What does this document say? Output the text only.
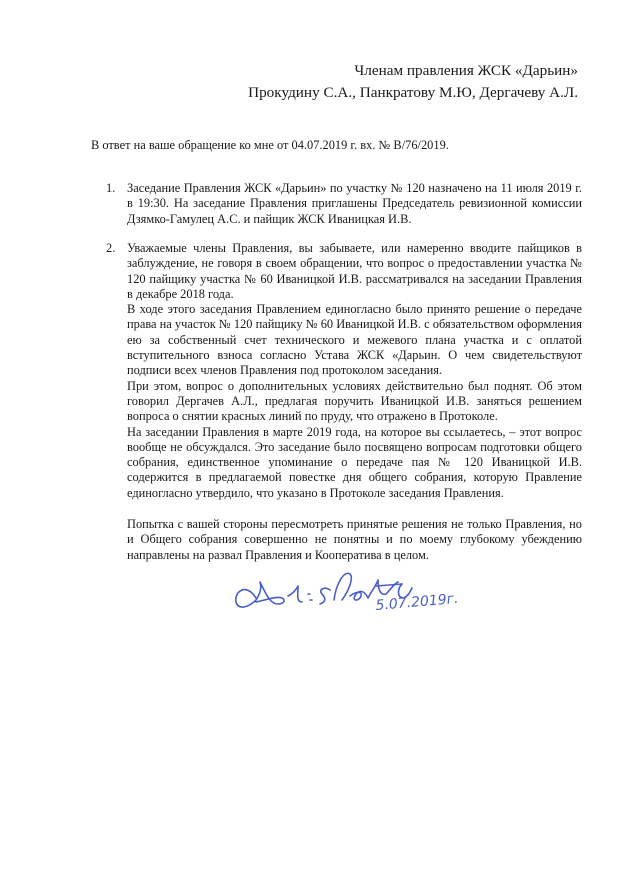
Членам правления ЖСК «Дарьин»
Прокудину С.А., Панкратову М.Ю, Дергачеву А.Л.
В ответ на ваше обращение ко мне от 04.07.2019 г. вх. № В/76/2019.
1. Заседание Правления ЖСК «Дарьин» по участку № 120 назначено на 11 июля 2019 г. в 19:30. На заседание Правления приглашены Председатель ревизионной комиссии Дзямко-Гамулец А.С. и пайщик ЖСК Иваницкая И.В.

2. Уважаемые члены Правления, вы забываете, или намеренно вводите пайщиков в заблуждение, не говоря в своем обращении, что вопрос о предоставлении участка № 120 пайщику участка № 60 Иваницкой И.В. рассматривался на заседании Правления в декабре 2018 года.

В ходе этого заседания Правлением единогласно было принято решение о передаче права на участок № 120 пайщику № 60 Иваницкой И.В. с обязательством оформления ею за собственный счет технического и межевого плана участка и с оплатой вступительного взноса согласно Устава ЖСК «Дарьин. О чем свидетельствуют подписи всех членов Правления под протоколом заседания.

При этом, вопрос о дополнительных условиях действительно был поднят. Об этом говорил Дергачев А.Л., предлагая поручить Иваницкой И.В. заняться решением вопроса о снятии красных линий по пруду, что отражено в Протоколе.

На заседании Правления в марте 2019 года, на которое вы ссылаетесь, – этот вопрос вообще не обсуждался. Это заседание было посвящено вопросам подготовки общего собрания, единственное упоминание о передаче пая № 120 Иваницкой И.В. содержится в предлагаемой повестке дня общего собрания, которую Правление единогласно утвердило, что указано в Протоколе заседания Правления.

Попытка с вашей стороны пересмотреть принятые решения не только Правления, но и Общего собрания совершенно не понятны и по моему глубокому убеждению направлены на развал Правления и Кооператива в целом.
5.07.2019г.
